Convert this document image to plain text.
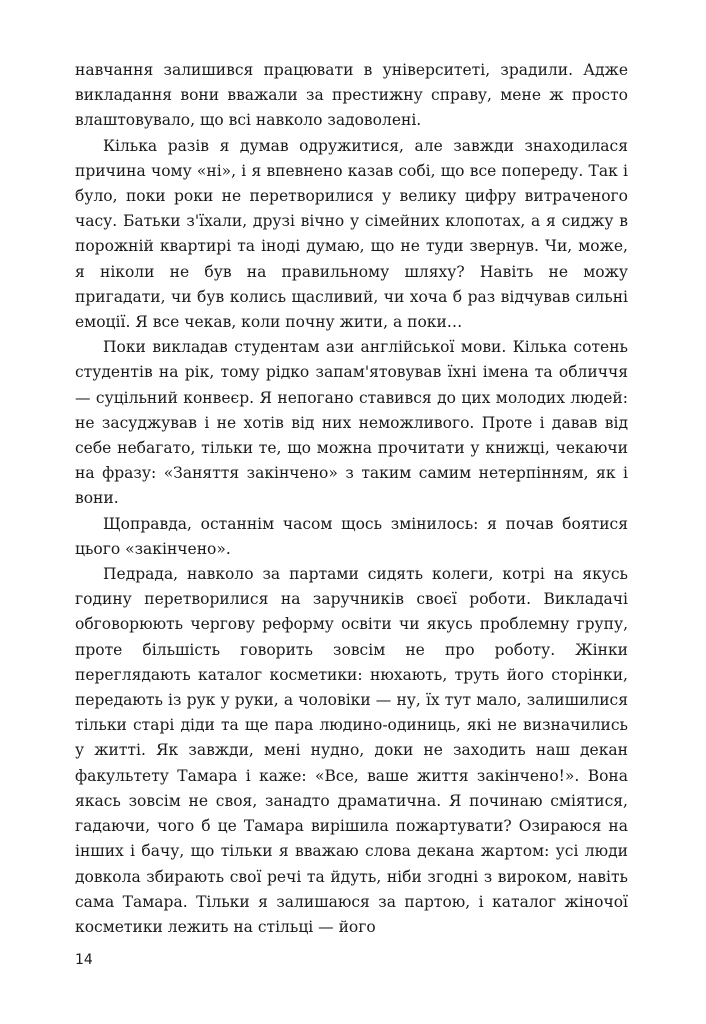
навчання залишився працювати в університеті, зрадили. Адже викладання вони вважали за престижну справу, мене ж просто влаштовувало, що всі навколо задоволені.

Кілька разів я думав одружитися, але завжди знаходилася причина чому «ні», і я впевнено казав собі, що все попереду. Так і було, поки роки не перетворилися у велику цифру витраченого часу. Батьки з'їхали, друзі вічно у сімейних клопотах, а я сиджу в порожній квартирі та іноді думаю, що не туди звернув. Чи, може, я ніколи не був на правильному шляху? Навіть не можу пригадати, чи був колись щасливий, чи хоча б раз відчував сильні емоції. Я все чекав, коли почну жити, а поки…

Поки викладав студентам ази англійської мови. Кілька сотень студентів на рік, тому рідко запам'ятовував їхні імена та обличчя — суцільний конвеєр. Я непогано ставився до цих молодих людей: не засуджував і не хотів від них неможливого. Проте і давав від себе небагато, тільки те, що можна прочитати у книжці, чекаючи на фразу: «Заняття закінчено» з таким самим нетерпінням, як і вони.

Щоправда, останнім часом щось змінилось: я почав боятися цього «закінчено».

Педрада, навколо за партами сидять колеги, котрі на якусь годину перетворилися на заручників своєї роботи. Викладачі обговорюють чергову реформу освіти чи якусь проблемну групу, проте більшість говорить зовсім не про роботу. Жінки переглядають каталог косметики: нюхають, труть його сторінки, передають із рук у руки, а чоловіки — ну, їх тут мало, залишилися тільки старі діди та ще пара людино-одиниць, які не визначились у житті. Як завжди, мені нудно, доки не заходить наш декан факультету Тамара і каже: «Все, ваше життя закінчено!». Вона якась зовсім не своя, занадто драматична. Я починаю сміятися, гадаючи, чого б це Тамара вирішила пожартувати? Озираюся на інших і бачу, що тільки я вважаю слова декана жартом: усі люди довкола збирають свої речі та йдуть, ніби згодні з вироком, навіть сама Тамара. Тільки я залишаюся за партою, і каталог жіночої косметики лежить на стільці — його

14
